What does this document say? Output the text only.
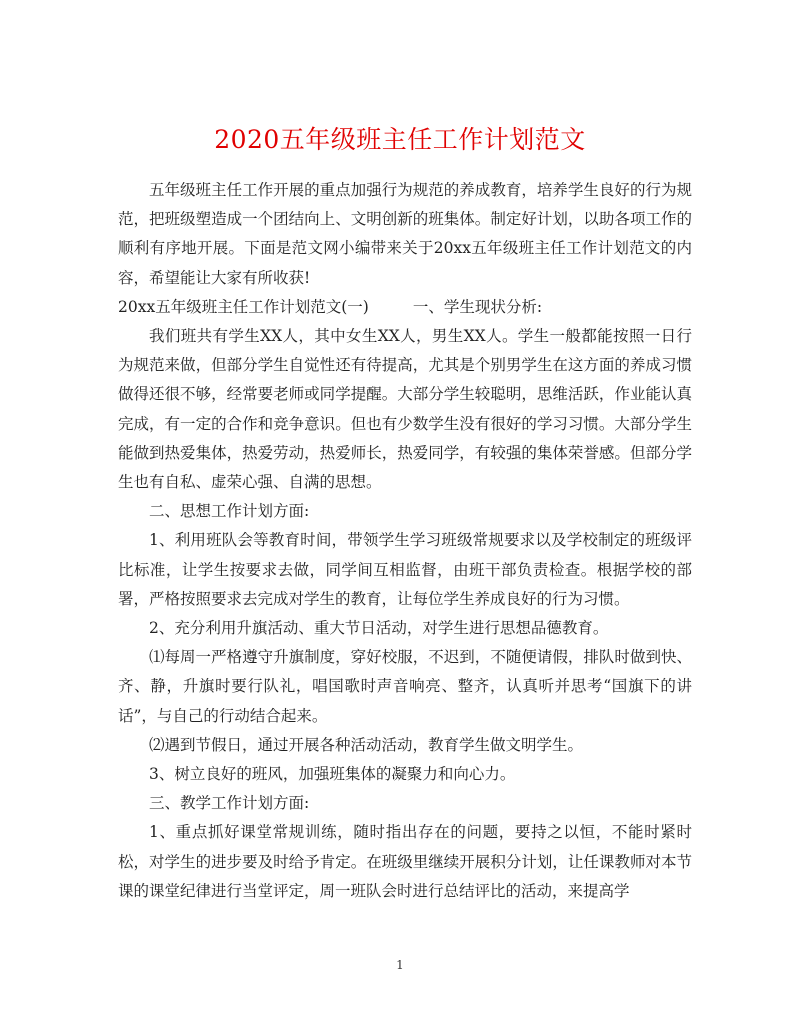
2020五年级班主任工作计划范文

五年级班主任工作开展的重点加强行为规范的养成教育，培养学生良好的行为规范，把班级塑造成一个团结向上、文明创新的班集体。制定好计划，以助各项工作的顺利有序地开展。下面是范文网小编带来关于20xx五年级班主任工作计划范文的内容，希望能让大家有所收获!

20xx五年级班主任工作计划范文(一)	一、学生现状分析:

我们班共有学生XX人，其中女生XX人，男生XX人。学生一般都能按照一日行为规范来做，但部分学生自觉性还有待提高，尤其是个别男学生在这方面的养成习惯做得还很不够，经常要老师或同学提醒。大部分学生较聪明，思维活跃，作业能认真完成，有一定的合作和竞争意识。但也有少数学生没有很好的学习习惯。大部分学生能做到热爱集体，热爱劳动，热爱师长，热爱同学，有较强的集体荣誉感。但部分学生也有自私、虚荣心强、自满的思想。

二、思想工作计划方面:

1、利用班队会等教育时间，带领学生学习班级常规要求以及学校制定的班级评比标准，让学生按要求去做，同学间互相监督，由班干部负责检查。根据学校的部署，严格按照要求去完成对学生的教育，让每位学生养成良好的行为习惯。

2、充分利用升旗活动、重大节日活动，对学生进行思想品德教育。

⑴每周一严格遵守升旗制度，穿好校服，不迟到，不随便请假，排队时做到快、齐、静，升旗时要行队礼，唱国歌时声音响亮、整齐，认真听并思考“国旗下的讲话”，与自己的行动结合起来。

⑵遇到节假日，通过开展各种活动活动，教育学生做文明学生。

3、树立良好的班风，加强班集体的凝聚力和向心力。

三、教学工作计划方面:

1、重点抓好课堂常规训练，随时指出存在的问题，要持之以恒，不能时紧时松，对学生的进步要及时给予肯定。在班级里继续开展积分计划，让任课教师对本节课的课堂纪律进行当堂评定，周一班队会时进行总结评比的活动，来提高学

1
